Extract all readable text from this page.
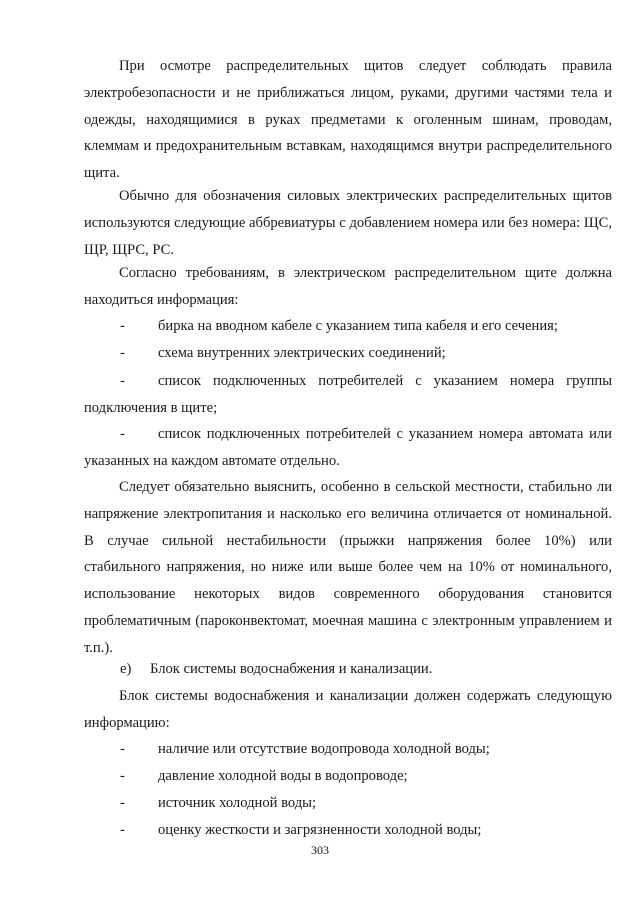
При осмотре распределительных щитов следует соблюдать правила электробезопасности и не приближаться лицом, руками, другими частями тела и одежды, находящимися в руках предметами к оголенным шинам, проводам, клеммам и предохранительным вставкам, находящимся внутри распределительного щита.

Обычно для обозначения силовых электрических распределительных щитов используются следующие аббревиатуры с добавлением номера или без номера: ЩС, ЩР, ЩРС, РС.

Согласно требованиям, в электрическом распределительном щите должна находиться информация:

-	бирка на вводном кабеле с указанием типа кабеля и его сечения;
-	схема внутренних электрических соединений;
-	список подключенных потребителей с указанием номера группы подключения в щите;
-	список подключенных потребителей с указанием номера автомата или указанных на каждом автомате отдельно.

Следует обязательно выяснить, особенно в сельской местности, стабильно ли напряжение электропитания и насколько его величина отличается от номинальной. В случае сильной нестабильности (прыжки напряжения более 10%) или стабильного напряжения, но ниже или выше более чем на 10% от номинального, использование некоторых видов современного оборудования становится проблематичным (пароконвектомат, моечная машина с электронным управлением и т.п.).

е) Блок системы водоснабжения и канализации.

Блок системы водоснабжения и канализации должен содержать следующую информацию:

-	наличие или отсутствие водопровода холодной воды;
-	давление холодной воды в водопроводе;
-	источник холодной воды;
-	оценку жесткости и загрязненности холодной воды;
303
